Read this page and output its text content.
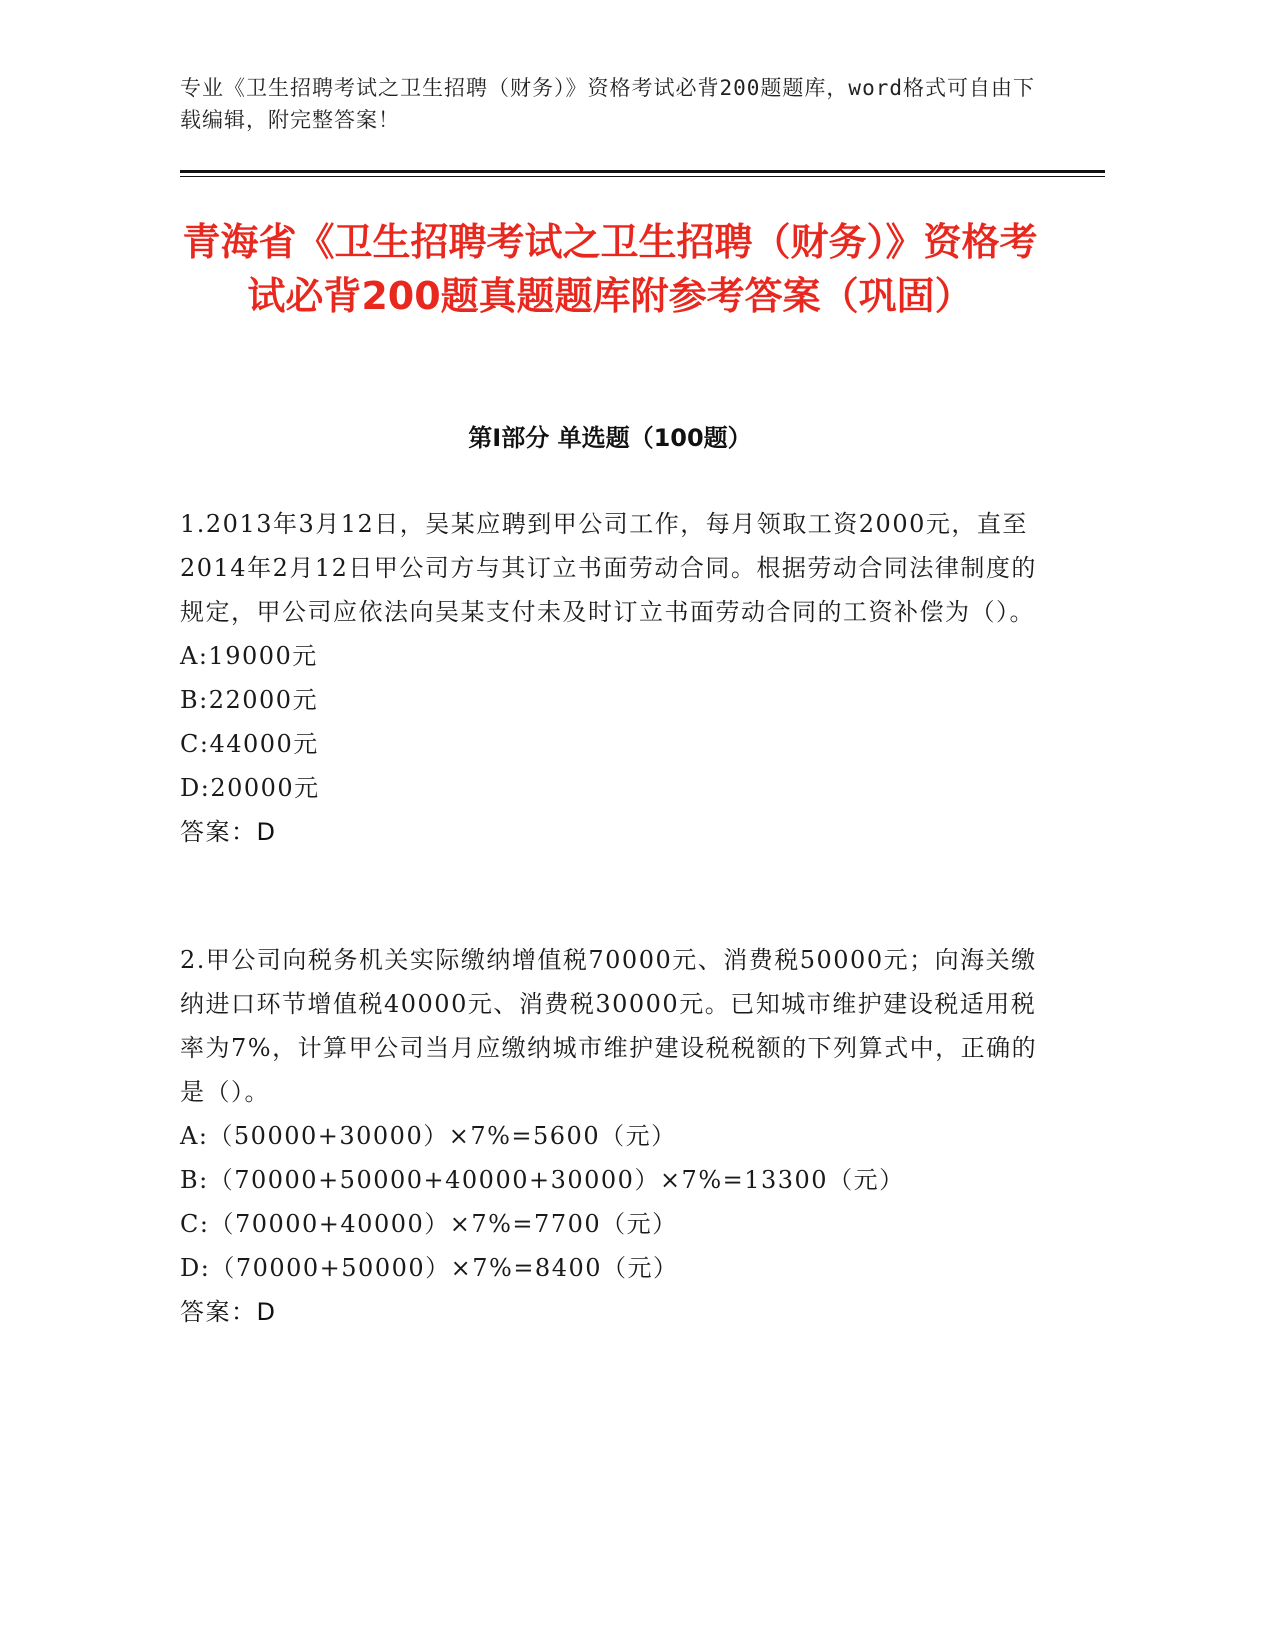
专业《卫生招聘考试之卫生招聘（财务）》资格考试必背200题题库，word格式可自由下载编辑，附完整答案！
青海省《卫生招聘考试之卫生招聘（财务）》资格考试必背200题真题题库附参考答案（巩固）
第I部分 单选题（100题）

1.2013年3月12日，吴某应聘到甲公司工作，每月领取工资2000元，直至2014年2月12日甲公司方与其订立书面劳动合同。根据劳动合同法律制度的规定，甲公司应依法向吴某支付未及时订立书面劳动合同的工资补偿为（）。

A:19000元

B:22000元

C:44000元

D:20000元

答案：D

2.甲公司向税务机关实际缴纳增值税70000元、消费税50000元；向海关缴纳进口环节增值税40000元、消费税30000元。已知城市维护建设税适用税率为7%，计算甲公司当月应缴纳城市维护建设税税额的下列算式中，正确的是（）。

A:（50000+30000）×7%=5600（元）

B:（70000+50000+40000+30000）×7%=13300（元）

C:（70000+40000）×7%=7700（元）

D:（70000+50000）×7%=8400（元）

答案：D
